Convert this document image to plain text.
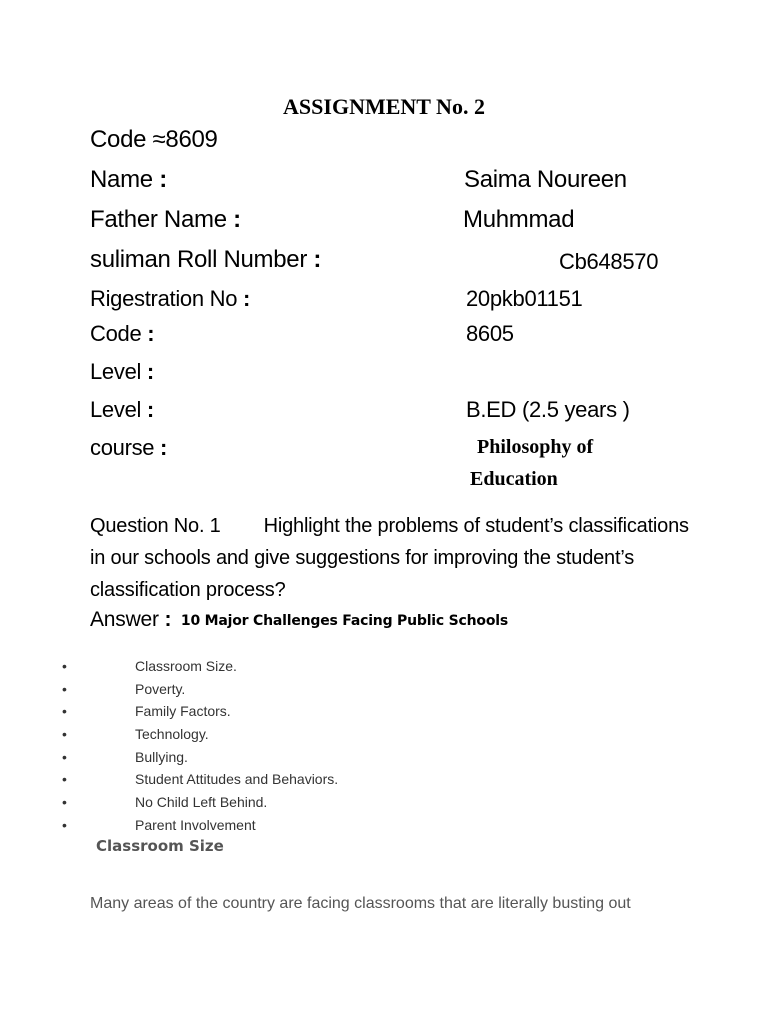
ASSIGNMENT No. 2
Code ≈8609
Name :	Saima Noureen
Father Name :	Muhmmad
suliman Roll Number :	Cb648570
Rigestration No :	20pkb01151
Code :	8605
Level :
Level :	B.ED (2.5 years )
course :	Philosophy of
Education
Question No. 1 Highlight the problems of student’s classifications in our schools and give suggestions for improving the student’s classification process?
Answer : 10 Major Challenges Facing Public Schools
•	Classroom Size.
•	Poverty.
•	Family Factors.
•	Technology.
•	Bullying.
•	Student Attitudes and Behaviors.
•	No Child Left Behind.
•	Parent Involvement
Classroom Size
Many areas of the country are facing classrooms that are literally busting out
